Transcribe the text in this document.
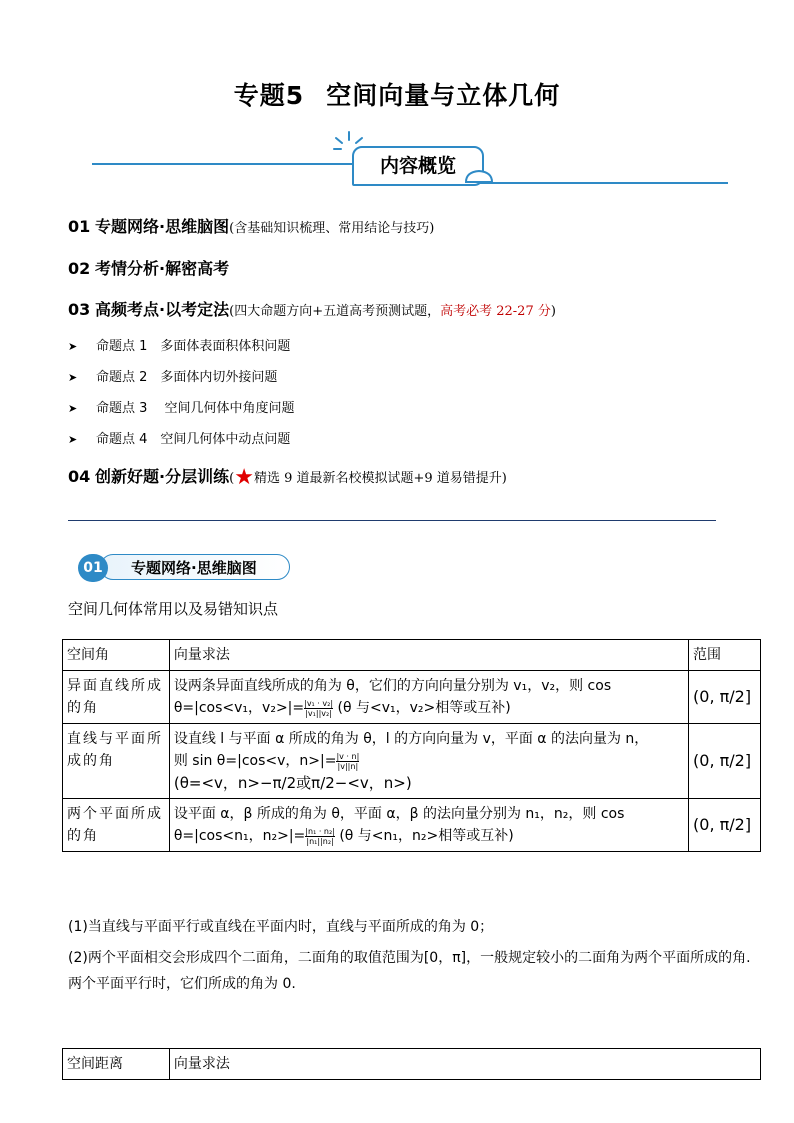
专题5 空间向量与立体几何
内容概览
01 专题网络·思维脑图(含基础知识梳理、常用结论与技巧)
02 考情分析·解密高考
03 高频考点·以考定法(四大命题方向+五道高考预测试题，高考必考 22-27 分)
➤ 命题点 1　多面体表面积体积问题
➤ 命题点 2　多面体内切外接问题
➤ 命题点 3　 空间几何体中角度问题
➤ 命题点 4　空间几何体中动点问题
04 创新好题·分层训练(★精选 9 道最新名校模拟试题+9 道易错提升)
专题网络·思维脑图
01
空间几何体常用以及易错知识点
空间角	向量求法	范围
异面直线所成的角	设两条异面直线所成的角为 θ，它们的方向向量分别为 v₁，v₂，则 cos
θ=|cos<v₁，$v_2>|= \frac{\text{|v₁ · v₂|}}{\text{|v₁||v₂|}} (\theta$ 与<v₁，v₂>相等或互补)	(0, π/2]
直线与平面所成的角	设直线 l 与平面 α 所成的角为 θ，l 的方向向量为 v，平面 α 的法向量为 n，
则 sin θ=|cos<v，$n>|= \frac{|v \cdot n|}{|v||n|}$
(θ=<v，n>−π/2或π/2−<v，n>)	(0, π/2]
两个平面所成的角	设平面 α，β 所成的角为 θ，平面 α，β 的法向量分别为 n₁，n₂，则 cos
θ=|cos<n₁，$n_2>|= \frac{\text{|n₁ · n₂|}}{\text{|n₁||n₂|}} (\theta$ 与<n₁，n₂>相等或互补)	(0, π/2]
(1)当直线与平面平行或直线在平面内时，直线与平面所成的角为 0；
(2)两个平面相交会形成四个二面角，二面角的取值范围为[0，π]，一般规定较小的二面角为两个平面所成的角. 两个平面平行时，它们所成的角为 0.
空间距离	向量求法
